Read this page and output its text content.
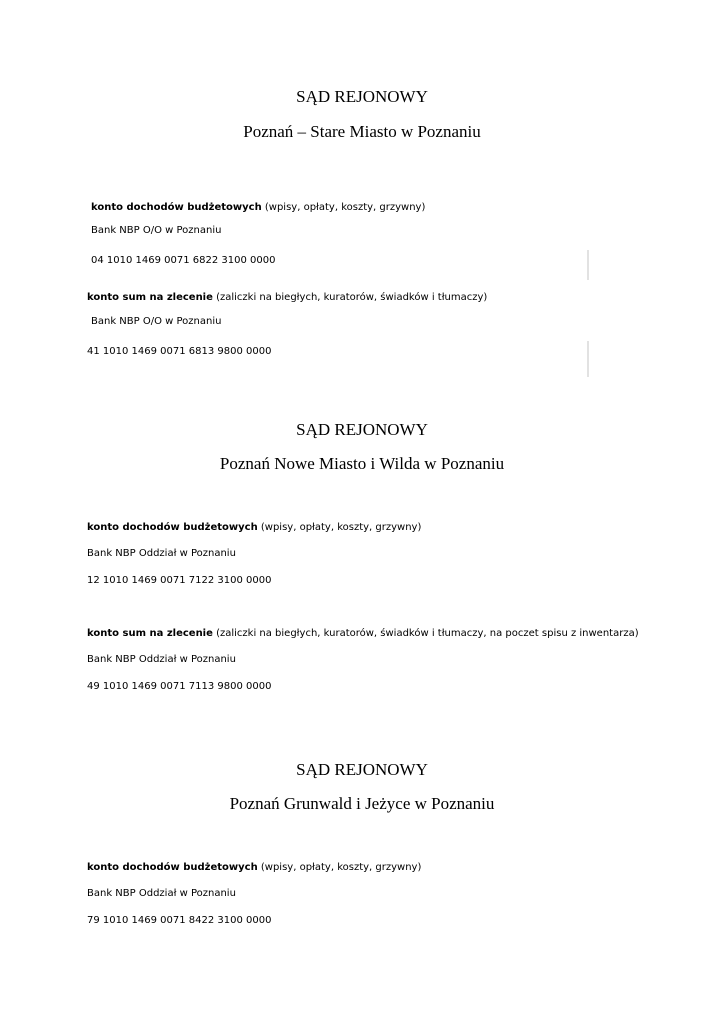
SĄD REJONOWY
Poznań – Stare Miasto w Poznaniu

konto dochodów budżetowych (wpisy, opłaty, koszty, grzywny)

Bank NBP O/O w Poznaniu

04 1010 1469 0071 6822 3100 0000

konto sum na zlecenie (zaliczki na biegłych, kuratorów, świadków i tłumaczy)

Bank NBP O/O w Poznaniu

41 1010 1469 0071 6813 9800 0000

SĄD REJONOWY
Poznań Nowe Miasto i Wilda w Poznaniu

konto dochodów budżetowych (wpisy, opłaty, koszty, grzywny)

Bank NBP Oddział w Poznaniu

12 1010 1469 0071 7122 3100 0000

konto sum na zlecenie (zaliczki na biegłych, kuratorów, świadków i tłumaczy, na poczet spisu z inwentarza)

Bank NBP Oddział w Poznaniu

49 1010 1469 0071 7113 9800 0000

SĄD REJONOWY
Poznań Grunwald i Jeżyce w Poznaniu

konto dochodów budżetowych (wpisy, opłaty, koszty, grzywny)

Bank NBP Oddział w Poznaniu

79 1010 1469 0071 8422 3100 0000
